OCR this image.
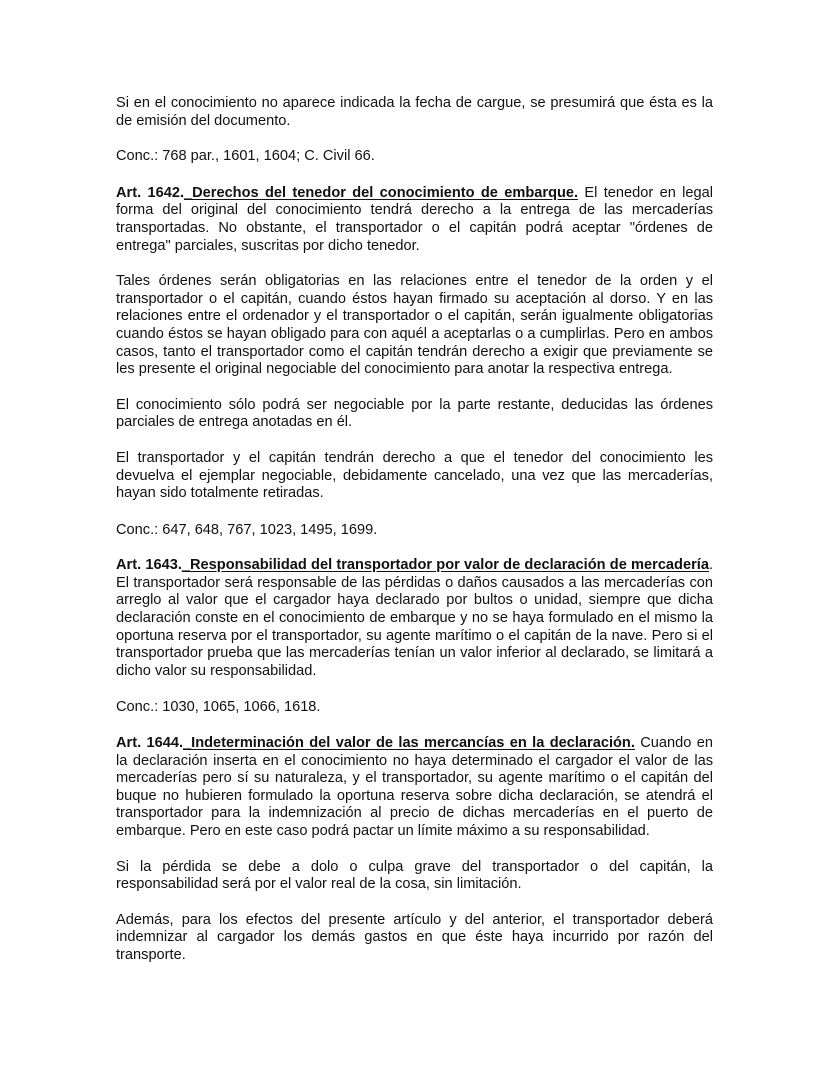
Si en el conocimiento no aparece indicada la fecha de cargue, se presumirá que ésta es la de emisión del documento.

Conc.: 768 par., 1601, 1604; C. Civil 66.

Art. 1642._Derechos del tenedor del conocimiento de embarque. El tenedor en legal forma del original del conocimiento tendrá derecho a la entrega de las mercaderías transportadas. No obstante, el transportador o el capitán podrá aceptar "órdenes de entrega" parciales, suscritas por dicho tenedor.

Tales órdenes serán obligatorias en las relaciones entre el tenedor de la orden y el transportador o el capitán, cuando éstos hayan firmado su aceptación al dorso. Y en las relaciones entre el ordenador y el transportador o el capitán, serán igualmente obligatorias cuando éstos se hayan obligado para con aquél a aceptarlas o a cumplirlas. Pero en ambos casos, tanto el transportador como el capitán tendrán derecho a exigir que previamente se les presente el original negociable del conocimiento para anotar la respectiva entrega.

El conocimiento sólo podrá ser negociable por la parte restante, deducidas las órdenes parciales de entrega anotadas en él.

El transportador y el capitán tendrán derecho a que el tenedor del conocimiento les devuelva el ejemplar negociable, debidamente cancelado, una vez que las mercaderías, hayan sido totalmente retiradas.

Conc.: 647, 648, 767, 1023, 1495, 1699.

Art. 1643._Responsabilidad del transportador por valor de declaración de mercadería. El transportador será responsable de las pérdidas o daños causados a las mercaderías con arreglo al valor que el cargador haya declarado por bultos o unidad, siempre que dicha declaración conste en el conocimiento de embarque y no se haya formulado en el mismo la oportuna reserva por el transportador, su agente marítimo o el capitán de la nave. Pero si el transportador prueba que las mercaderías tenían un valor inferior al declarado, se limitará a dicho valor su responsabilidad.

Conc.: 1030, 1065, 1066, 1618.

Art. 1644._Indeterminación del valor de las mercancías en la declaración. Cuando en la declaración inserta en el conocimiento no haya determinado el cargador el valor de las mercaderías pero sí su naturaleza, y el transportador, su agente marítimo o el capitán del buque no hubieren formulado la oportuna reserva sobre dicha declaración, se atendrá el transportador para la indemnización al precio de dichas mercaderías en el puerto de embarque. Pero en este caso podrá pactar un límite máximo a su responsabilidad.

Si la pérdida se debe a dolo o culpa grave del transportador o del capitán, la responsabilidad será por el valor real de la cosa, sin limitación.

Además, para los efectos del presente artículo y del anterior, el transportador deberá indemnizar al cargador los demás gastos en que éste haya incurrido por razón del transporte.
